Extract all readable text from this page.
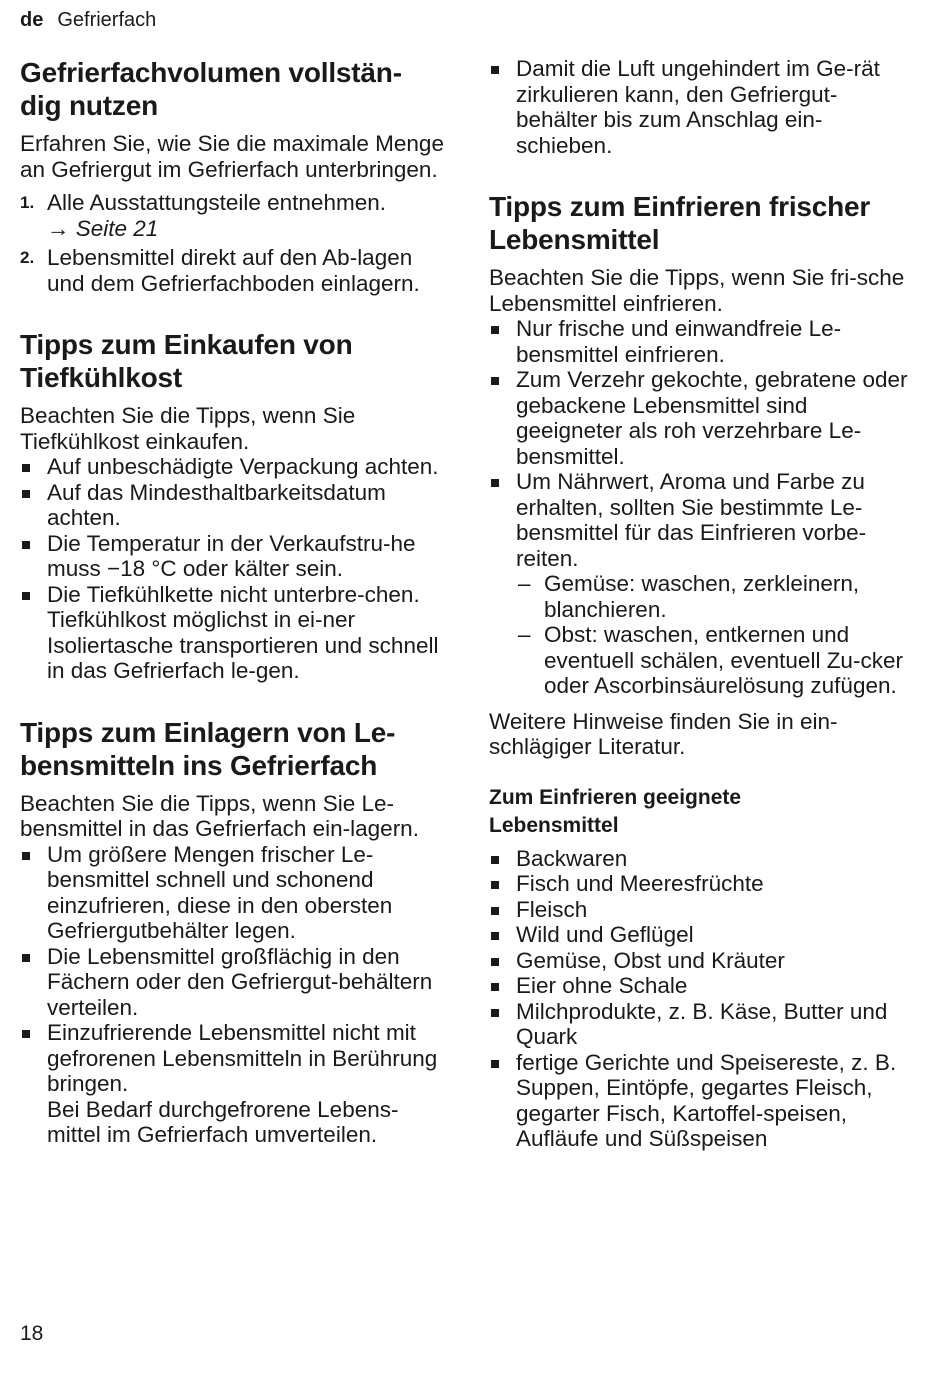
de Gefrierfach
Gefrierfachvolumen vollstän-
dig nutzen

Erfahren Sie, wie Sie die maximale Menge an Gefriergut im Gefrierfach unterbringen.

1. Alle Ausstattungsteile entnehmen.
→ Seite 21
2. Lebensmittel direkt auf den Ab-lagen und dem Gefrierfachboden einlagern.
Tipps zum Einkaufen von
Tiefkühlkost

Beachten Sie die Tipps, wenn Sie Tiefkühlkost einkaufen.

Auf unbeschädigte Verpackung achten.
Auf das Mindesthaltbarkeitsdatum achten.
Die Temperatur in der Verkaufstru-he muss −18 °C oder kälter sein.
Die Tiefkühlkette nicht unterbre-chen. Tiefkühlkost möglichst in ei-ner Isoliertasche transportieren und schnell in das Gefrierfach le-gen.
Tipps zum Einlagern von Le-
bensmitteln ins Gefrierfach

Beachten Sie die Tipps, wenn Sie Le-bensmittel in das Gefrierfach ein-lagern.

Um größere Mengen frischer Le-bensmittel schnell und schonend einzufrieren, diese in den obersten Gefriergutbehälter legen.
Die Lebensmittel großflächig in den Fächern oder den Gefriergut-behältern verteilen.
Einzufrierende Lebensmittel nicht mit gefrorenen Lebensmitteln in Berührung bringen.
Bei Bedarf durchgefrorene Lebens-mittel im Gefrierfach umverteilen.
Damit die Luft ungehindert im Ge-rät zirkulieren kann, den Gefriergut-behälter bis zum Anschlag ein-schieben.
Tipps zum Einfrieren frischer
Lebensmittel

Beachten Sie die Tipps, wenn Sie fri-sche Lebensmittel einfrieren.

Nur frische und einwandfreie Le-bensmittel einfrieren.
Zum Verzehr gekochte, gebratene oder gebackene Lebensmittel sind geeigneter als roh verzehrbare Le-bensmittel.
Um Nährwert, Aroma und Farbe zu erhalten, sollten Sie bestimmte Le-bensmittel für das Einfrieren vorbe-reiten.
– Gemüse: waschen, zerkleinern, blanchieren.
– Obst: waschen, entkernen und eventuell schälen, eventuell Zu-cker oder Ascorbinsäurelösung zufügen.

Weitere Hinweise finden Sie in ein-schlägiger Literatur.

Zum Einfrieren geeignete
Lebensmittel
Backwaren
Fisch und Meeresfrüchte
Fleisch
Wild und Geflügel
Gemüse, Obst und Kräuter
Eier ohne Schale
Milchprodukte, z. B. Käse, Butter und Quark
fertige Gerichte und Speisereste, z. B. Suppen, Eintöpfe, gegartes Fleisch, gegarter Fisch, Kartoffel-speisen, Aufläufe und Süßspeisen
18
